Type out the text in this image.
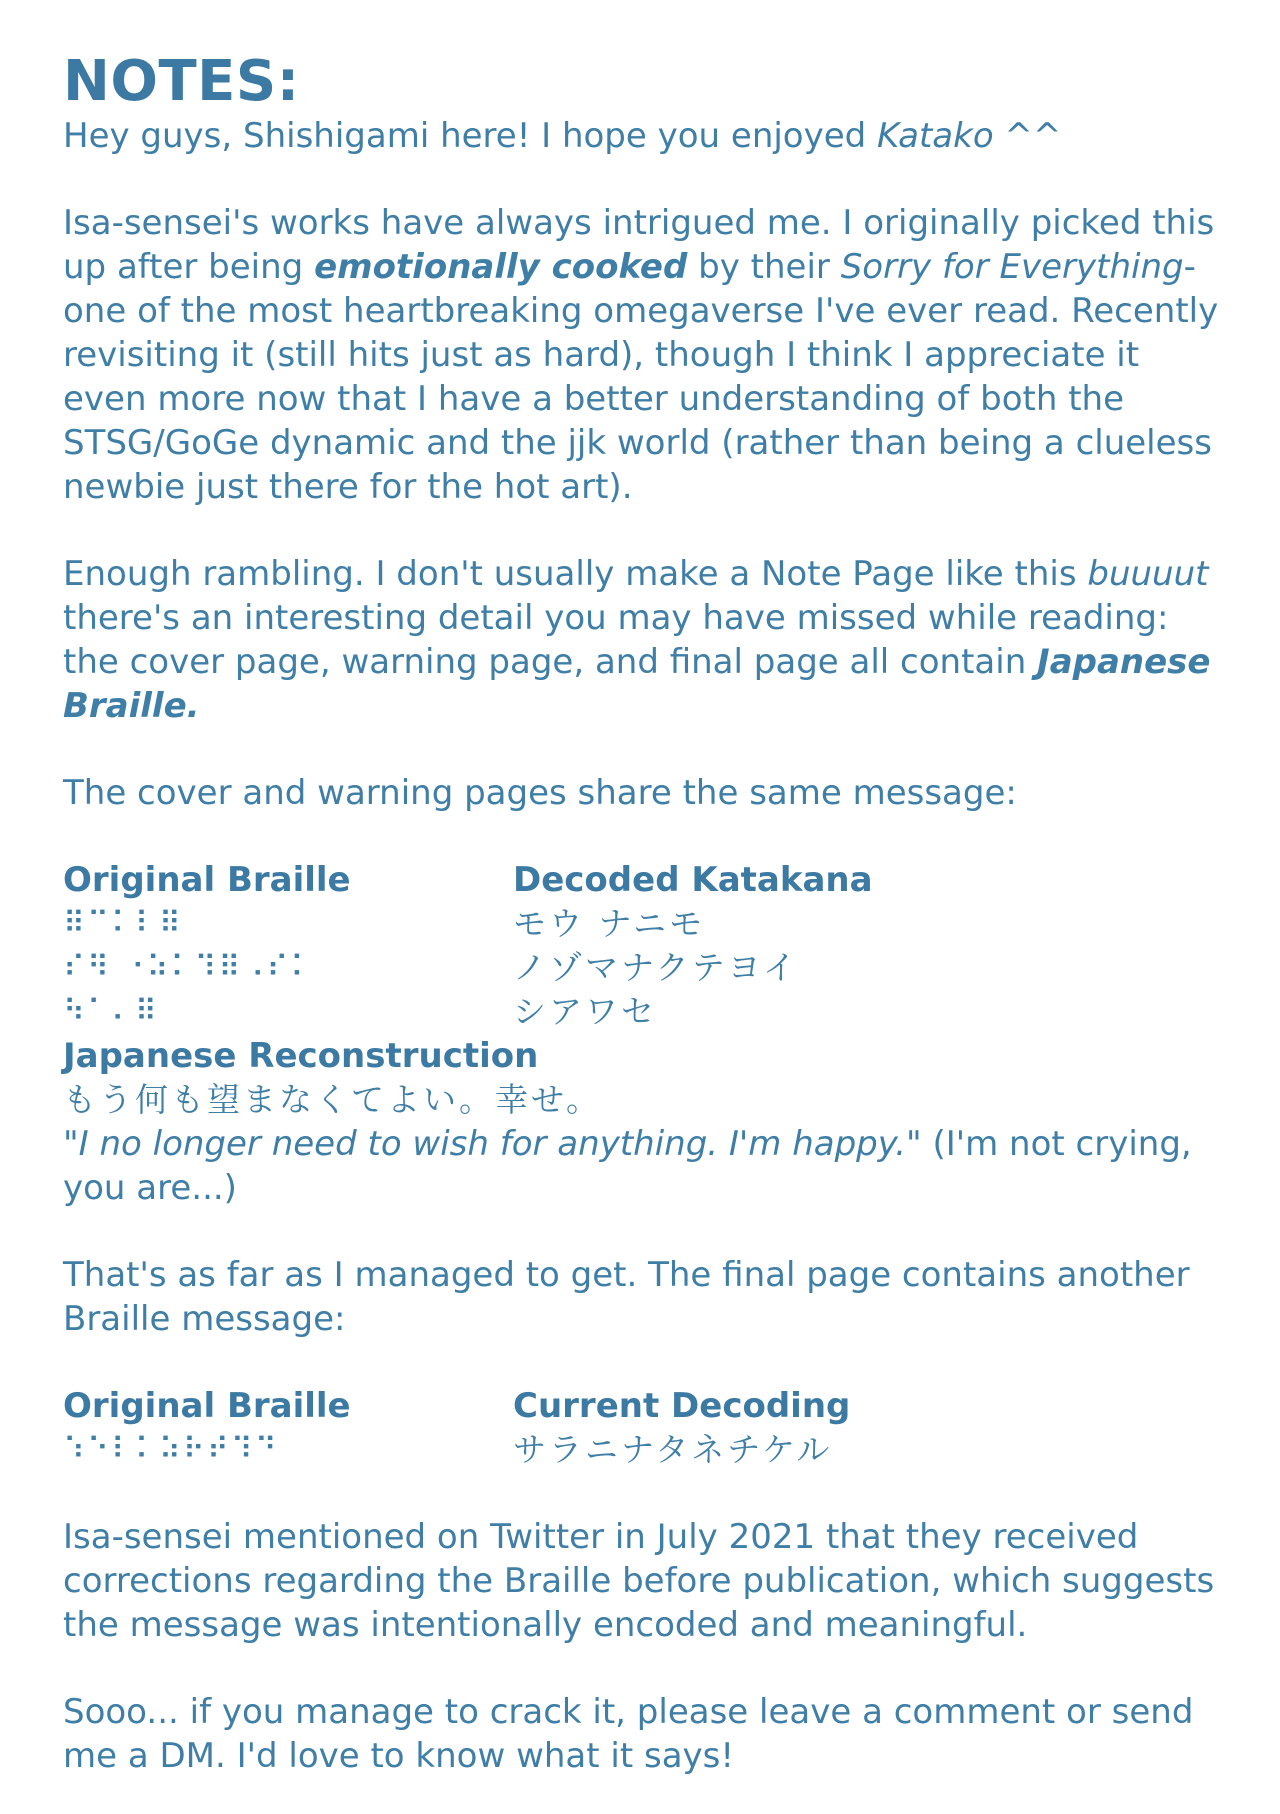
NOTES:

Hey guys, Shishigami here! I hope you enjoyed Katako ^^

Isa-sensei's works have always intrigued me. I originally picked this up after being emotionally cooked by their Sorry for Everything-one of the most heartbreaking omegaverse I've ever read. Recently revisiting it (still hits just as hard), though I think I appreciate it even more now that I have a better understanding of both the STSG/GoGe dynamic and the jjk world (rather than being a clueless newbie just there for the hot art).

Enough rambling. I don't usually make a Note Page like this buuuut there's an interesting detail you may have missed while reading: the cover page, warning page, and final page all contain Japanese Braille.

The cover and warning pages share the same message:

Original Braille
⠿⠉⠅⠇⠿
⠎⠻ ⠐⠵⠅⠹⠿⠠⠎⠅
⠳⠁⠄⠿
Decoded Katakana
モウ ナニモ
ノゾマナクテヨイ
シアワセ
Japanese Reconstruction
もう何も望まなくてよい。幸せ。

"I no longer need to wish for anything. I'm happy." (I'm not crying, you are...)

That's as far as I managed to get. The final page contains another Braille message:

Original Braille
⠱⠑⠇⠅⠵⠗⠞⠹⠙
Current Decoding
サラニナタネチケル

Isa-sensei mentioned on Twitter in July 2021 that they received corrections regarding the Braille before publication, which suggests the message was intentionally encoded and meaningful.

Sooo... if you manage to crack it, please leave a comment or send me a DM. I'd love to know what it says!
